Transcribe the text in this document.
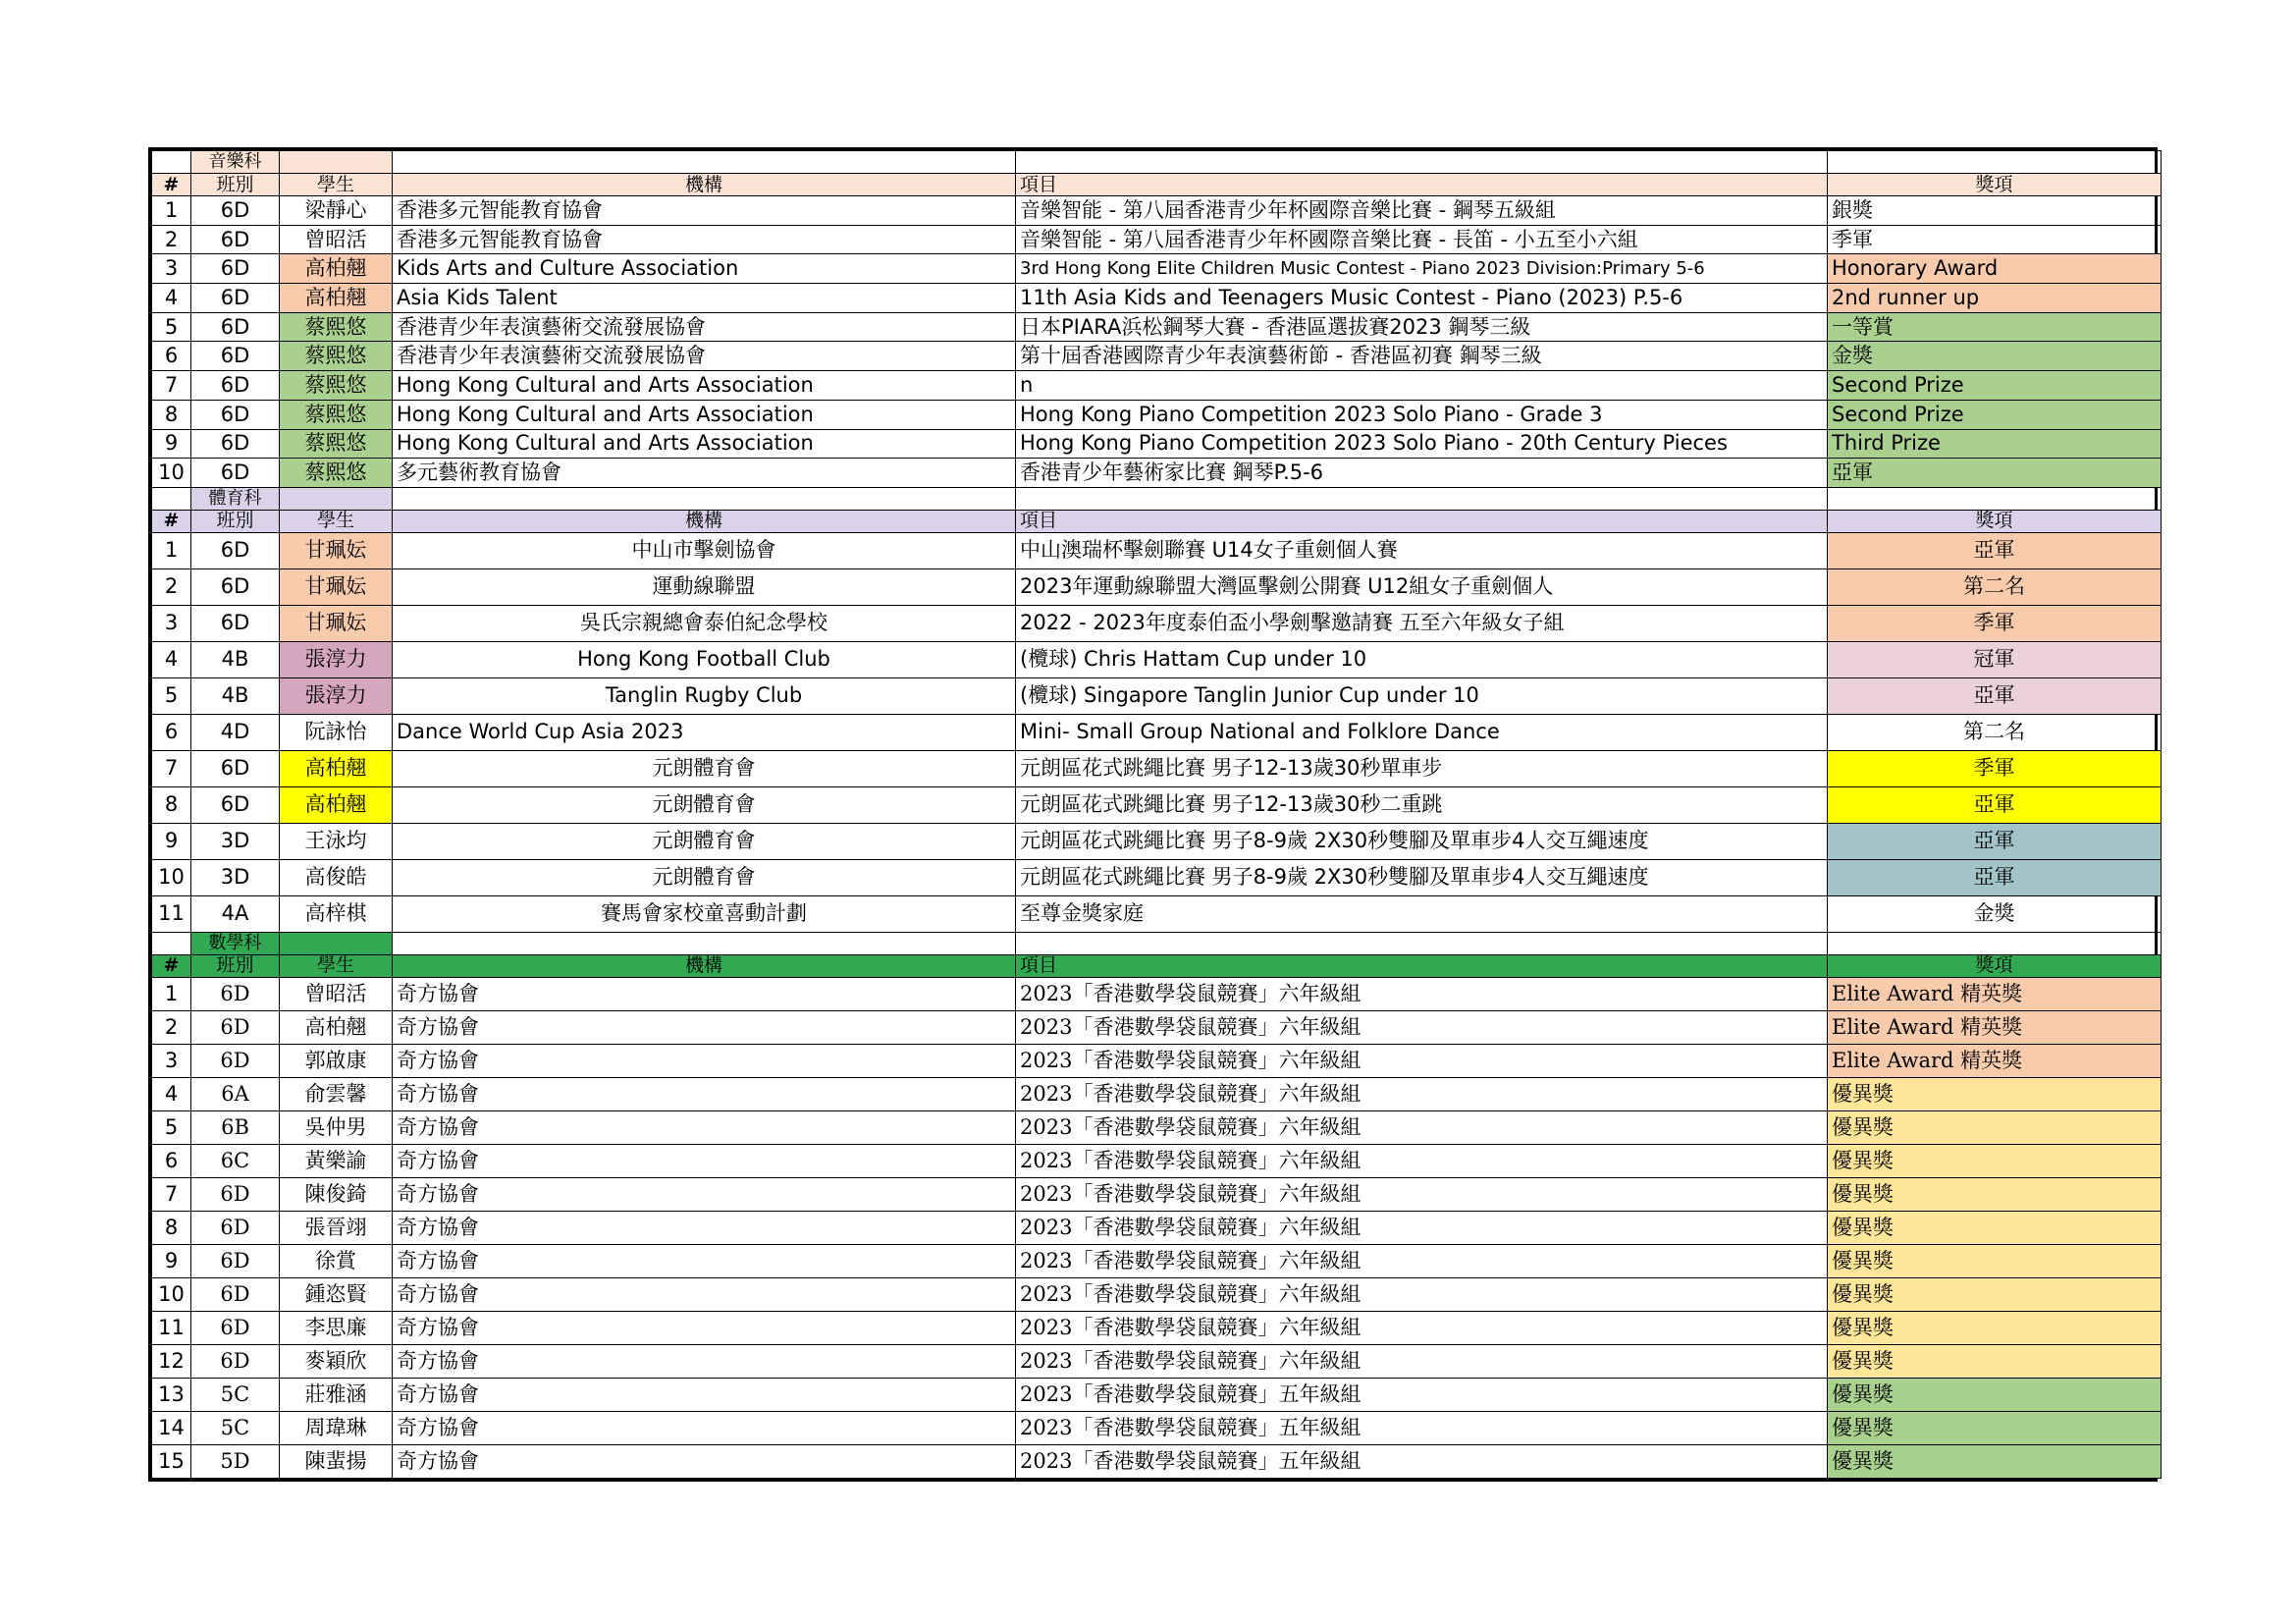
	音樂科				
#	班別	學生	機構	項目	獎項
1	6D	梁靜心	香港多元智能教育協會	音樂智能 - 第八屆香港青少年杯國際音樂比賽 - 鋼琴五級組	銀獎
2	6D	曾昭活	香港多元智能教育協會	音樂智能 - 第八屆香港青少年杯國際音樂比賽 - 長笛 - 小五至小六組	季軍
3	6D	高柏翹	Kids Arts and Culture Association	3rd Hong Kong Elite Children Music Contest - Piano 2023 Division:Primary 5-6	Honorary Award
4	6D	高柏翹	Asia Kids Talent	11th Asia Kids and Teenagers Music Contest - Piano (2023) P.5-6	2nd runner up
5	6D	蔡熙悠	香港青少年表演藝術交流發展協會	日本PIARA浜松鋼琴大賽 - 香港區選拔賽2023 鋼琴三級	一等賞
6	6D	蔡熙悠	香港青少年表演藝術交流發展協會	第十屆香港國際青少年表演藝術節 - 香港區初賽 鋼琴三級	金獎
7	6D	蔡熙悠	Hong Kong Cultural and Arts Association	n	Second Prize
8	6D	蔡熙悠	Hong Kong Cultural and Arts Association	Hong Kong Piano Competition 2023 Solo Piano - Grade 3	Second Prize
9	6D	蔡熙悠	Hong Kong Cultural and Arts Association	Hong Kong Piano Competition 2023 Solo Piano - 20th Century Pieces	Third Prize
10	6D	蔡熙悠	多元藝術教育協會	香港青少年藝術家比賽 鋼琴P.5-6	亞軍
	體育科				
#	班別	學生	機構	項目	獎項
1	6D	甘珮妘	中山市擊劍協會	中山澳瑞杯擊劍聯賽 U14女子重劍個人賽	亞軍
2	6D	甘珮妘	運動線聯盟	2023年運動線聯盟大灣區擊劍公開賽 U12組女子重劍個人	第二名
3	6D	甘珮妘	吳氏宗親總會泰伯紀念學校	2022 - 2023年度泰伯盃小學劍擊邀請賽 五至六年級女子組	季軍
4	4B	張淳力	Hong Kong Football Club	(欖球) Chris Hattam Cup under 10	冠軍
5	4B	張淳力	Tanglin Rugby Club	(欖球) Singapore Tanglin Junior Cup under 10	亞軍
6	4D	阮詠怡	Dance World Cup Asia 2023	Mini- Small Group National and Folklore Dance	第二名
7	6D	高柏翹	元朗體育會	元朗區花式跳繩比賽 男子12-13歲30秒單車步	季軍
8	6D	高柏翹	元朗體育會	元朗區花式跳繩比賽 男子12-13歲30秒二重跳	亞軍
9	3D	王泳均	元朗體育會	元朗區花式跳繩比賽 男子8-9歲 2X30秒雙腳及單車步4人交互繩速度	亞軍
10	3D	高俊皓	元朗體育會	元朗區花式跳繩比賽 男子8-9歲 2X30秒雙腳及單車步4人交互繩速度	亞軍
11	4A	高梓棋	賽馬會家校童喜動計劃	至尊金獎家庭	金獎
	數學科				
#	班別	學生	機構	項目	獎項
1	6D	曾昭活	奇方協會	2023「香港數學袋鼠競賽」六年級組	Elite Award 精英獎
2	6D	高柏翹	奇方協會	2023「香港數學袋鼠競賽」六年級組	Elite Award 精英獎
3	6D	郭啟康	奇方協會	2023「香港數學袋鼠競賽」六年級組	Elite Award 精英獎
4	6A	俞雲馨	奇方協會	2023「香港數學袋鼠競賽」六年級組	優異獎
5	6B	吳仲男	奇方協會	2023「香港數學袋鼠競賽」六年級組	優異獎
6	6C	黃樂諭	奇方協會	2023「香港數學袋鼠競賽」六年級組	優異獎
7	6D	陳俊錡	奇方協會	2023「香港數學袋鼠競賽」六年級組	優異獎
8	6D	張晉翊	奇方協會	2023「香港數學袋鼠競賽」六年級組	優異獎
9	6D	徐賞	奇方協會	2023「香港數學袋鼠競賽」六年級組	優異獎
10	6D	鍾恣賢	奇方協會	2023「香港數學袋鼠競賽」六年級組	優異獎
11	6D	李思廉	奇方協會	2023「香港數學袋鼠競賽」六年級組	優異獎
12	6D	麥穎欣	奇方協會	2023「香港數學袋鼠競賽」六年級組	優異獎
13	5C	莊雅涵	奇方協會	2023「香港數學袋鼠競賽」五年級組	優異獎
14	5C	周瑋琳	奇方協會	2023「香港數學袋鼠競賽」五年級組	優異獎
15	5D	陳蜚揚	奇方協會	2023「香港數學袋鼠競賽」五年級組	優異獎
